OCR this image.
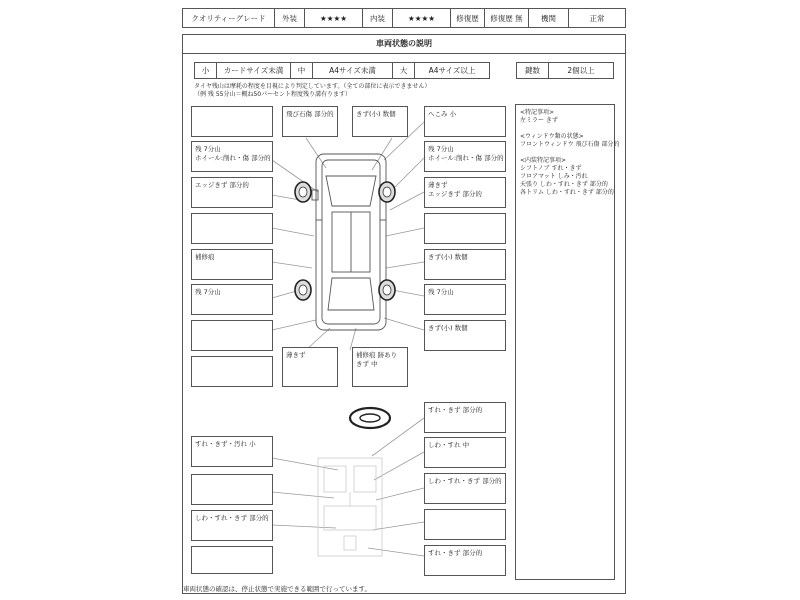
クオリティーグレード	外装	★★★★	内装	★★★★	修復歴	修復歴 無	機関	正常
車両状態の説明
小	カードサイズ未満	中	A4サイズ未満	大	A4サイズ以上	鍵数	2個以上
タイヤ残山は摩耗の程度を目視により判定しています。（全ての部位に表示できません）
（例 残 55分山＝概ね50パーセント程度残り溝有ります）
残 7分山
ホイール:削れ・傷 部分的
エッジきず 部分的
補修痕
残 7分山
飛び石傷 部分的	きず(小) 数個	へこみ 小
残 7分山
ホイール:削れ・傷 部分的
薄きず
エッジきず 部分的
きず(小) 数個
残 7分山
きず(小) 数個
薄きず	補修痕 跡あり
きず 中
<特記事項>
左ミラー きず
<ウィンドウ類の状態>
フロントウィンドウ 飛び石傷 部分的
<内装特記事項>
シフトノブ すれ・きず
フロアマット しみ・汚れ
天張り しわ・すれ・きず 部分的
各トリム しわ・すれ・きず 部分的
すれ・きず・汚れ 小
しわ・すれ・きず 部分的
すれ・きず 部分的
しわ・すれ 中
しわ・すれ・きず 部分的
すれ・きず 部分的
車両状態の確認は、停止状態で実施できる範囲で行っています。
